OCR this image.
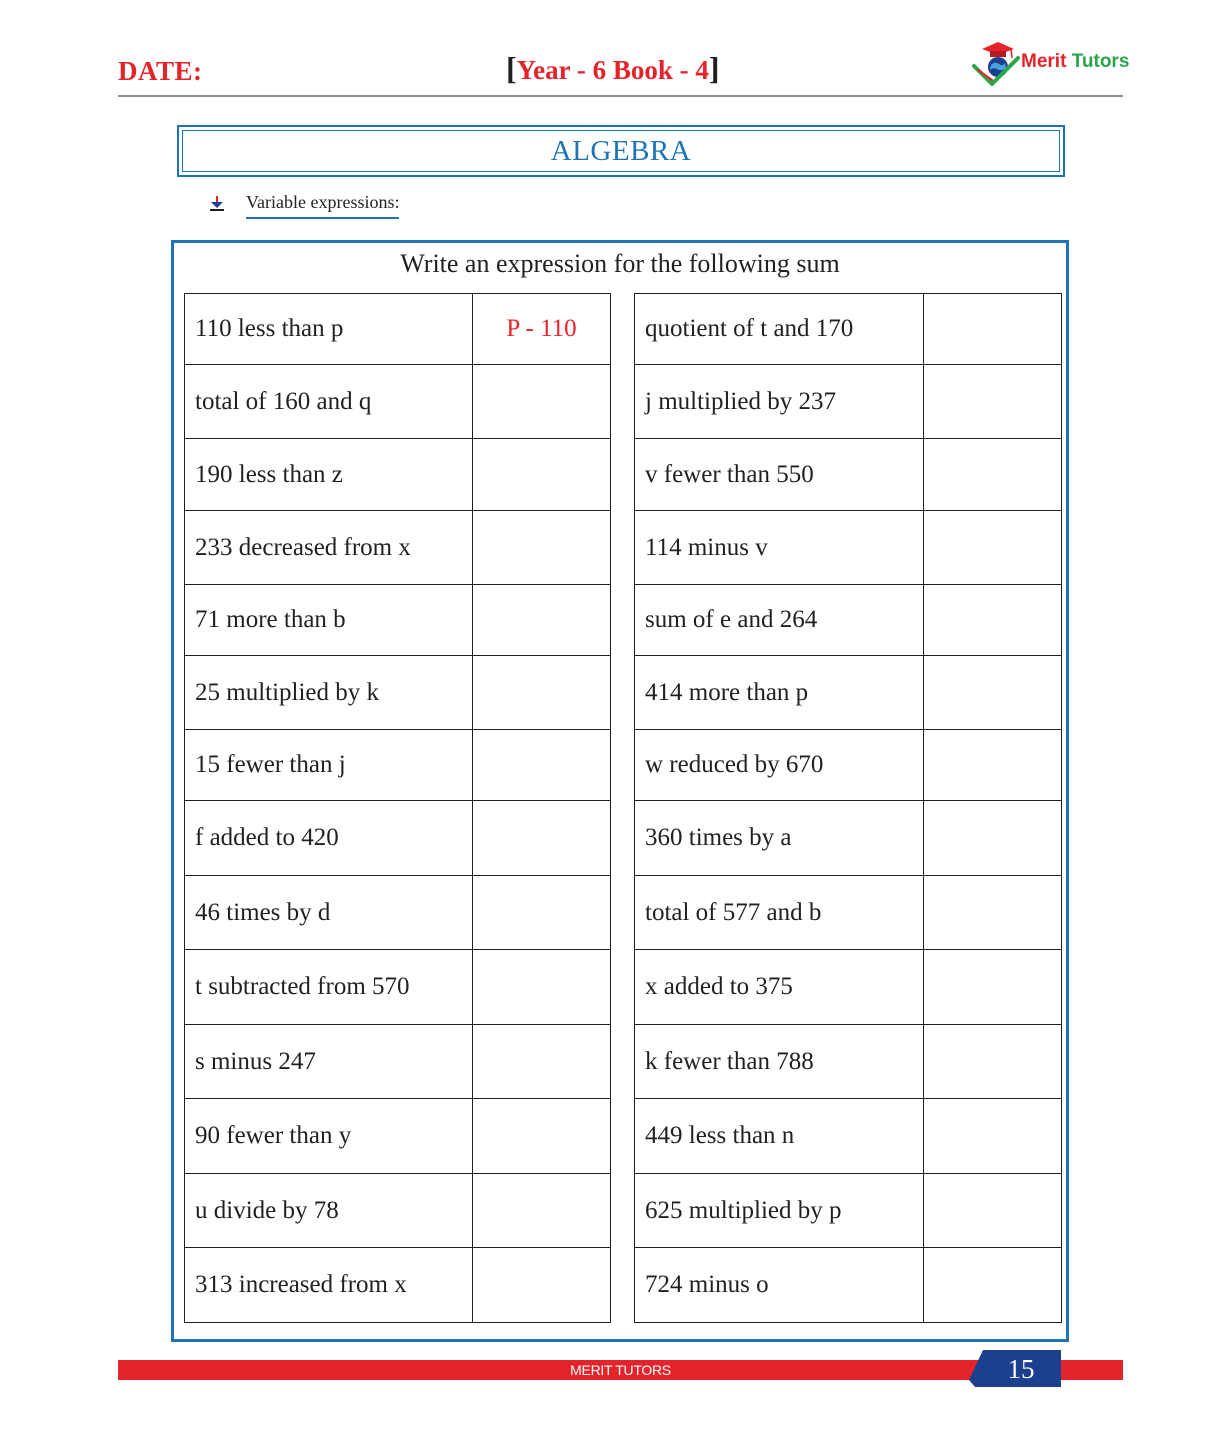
DATE:	[Year - 6 Book - 4]	Merit Tutors
ALGEBRA
Variable expressions:
Write an expression for the following sum
110 less than p	P - 110
total of 160 and q	
190 less than z	
233 decreased from x	
71 more than b	
25 multiplied by k	
15 fewer than j	
f added to 420	
46 times by d	
t subtracted from 570	
s minus 247	
90 fewer than y	
u divide by 78	
313 increased from x	
quotient of t and 170	
j multiplied by 237	
v fewer than 550	
114 minus v	
sum of e and 264	
414 more than p	
w reduced by 670	
360 times by a	
total of 577 and b	
x added to 375	
k fewer than 788	
449 less than n	
625 multiplied by p	
724 minus o	
MERIT TUTORS	15
